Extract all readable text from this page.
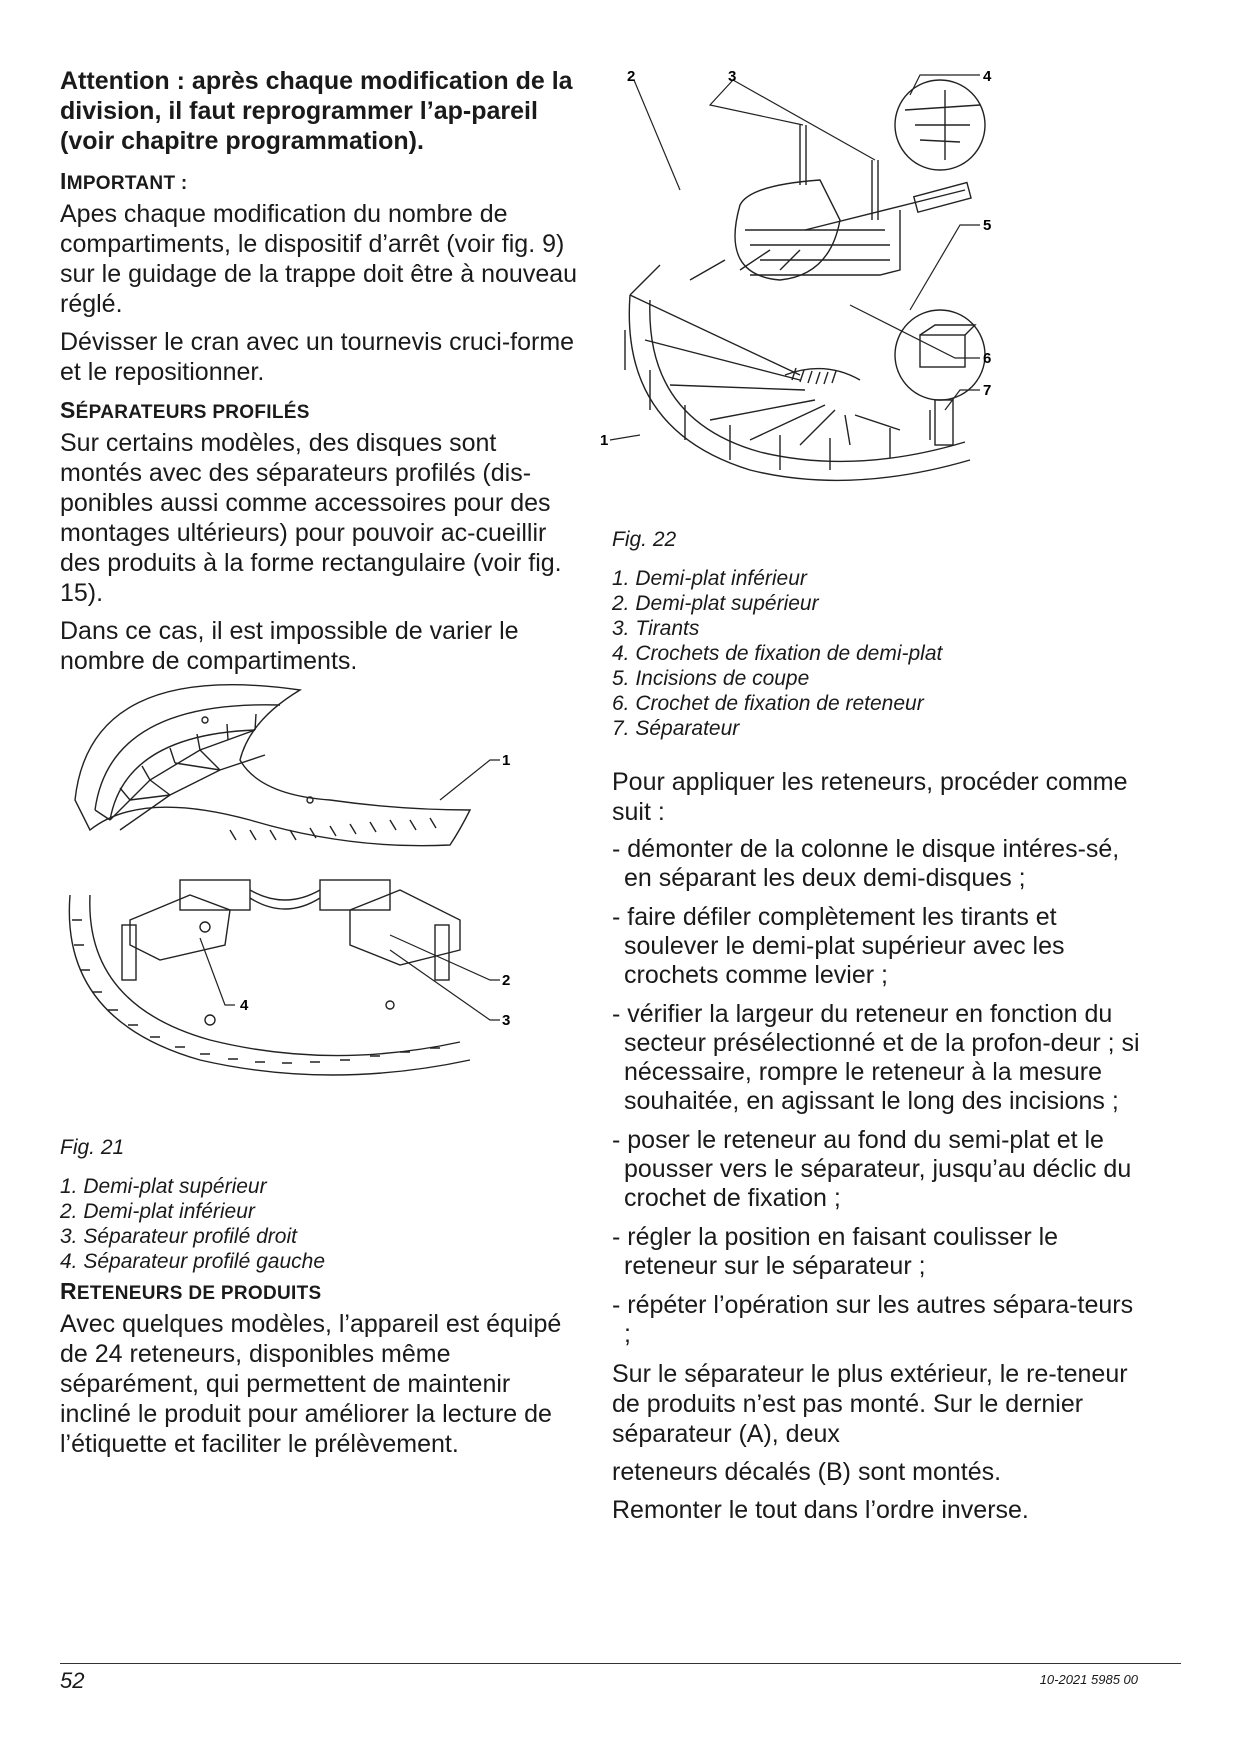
Attention : après chaque modification de la division, il faut reprogrammer l’ap-pareil (voir chapitre programmation).

IMPORTANT :

Apes chaque modification du nombre de compartiments, le dispositif d’arrêt (voir fig. 9) sur le guidage de la trappe doit être à nouveau réglé.

Dévisser le cran avec un tournevis cruci-forme et le repositionner.

SÉPARATEURS PROFILÉS

Sur certains modèles, des disques sont montés avec des séparateurs profilés (dis-ponibles aussi comme accessoires pour des montages ultérieurs) pour pouvoir ac-cueillir des produits à la forme rectangulaire (voir fig. 15).

Dans ce cas, il est impossible de varier le nombre de compartiments.

1
2
3
4

Fig. 21

1. Demi-plat supérieur
2. Demi-plat inférieur
3. Séparateur profilé droit
4. Séparateur profilé gauche
RETENEURS DE PRODUITS

Avec quelques modèles, l’appareil est équipé de 24 reteneurs, disponibles même séparément, qui permettent de maintenir incliné le produit pour améliorer la lecture de l’étiquette et faciliter le prélèvement.

1
2	3	4
5
6
7

Fig. 22

1. Demi-plat inférieur
2. Demi-plat supérieur
3. Tirants
4. Crochets de fixation de demi-plat
5. Incisions de coupe
6. Crochet de fixation de reteneur
7. Séparateur

Pour appliquer les reteneurs, procéder comme suit :

- démonter de la colonne le disque intéres-sé, en séparant les deux demi-disques ;
- faire défiler complètement les tirants et soulever le demi-plat supérieur avec les crochets comme levier ;
- vérifier la largeur du reteneur en fonction du secteur présélectionné et de la profon-deur ; si nécessaire, rompre le reteneur à la mesure souhaitée, en agissant le long des incisions ;
- poser le reteneur au fond du semi-plat et le pousser vers le séparateur, jusqu’au déclic du crochet de fixation ;
- régler la position en faisant coulisser le reteneur sur le séparateur ;
- répéter l’opération sur les autres sépara-teurs ;

Sur le séparateur le plus extérieur, le re-teneur de produits n’est pas monté. Sur le dernier séparateur (A), deux

reteneurs décalés (B) sont montés.

Remonter le tout dans l’ordre inverse.

52	10-2021 5985 00
